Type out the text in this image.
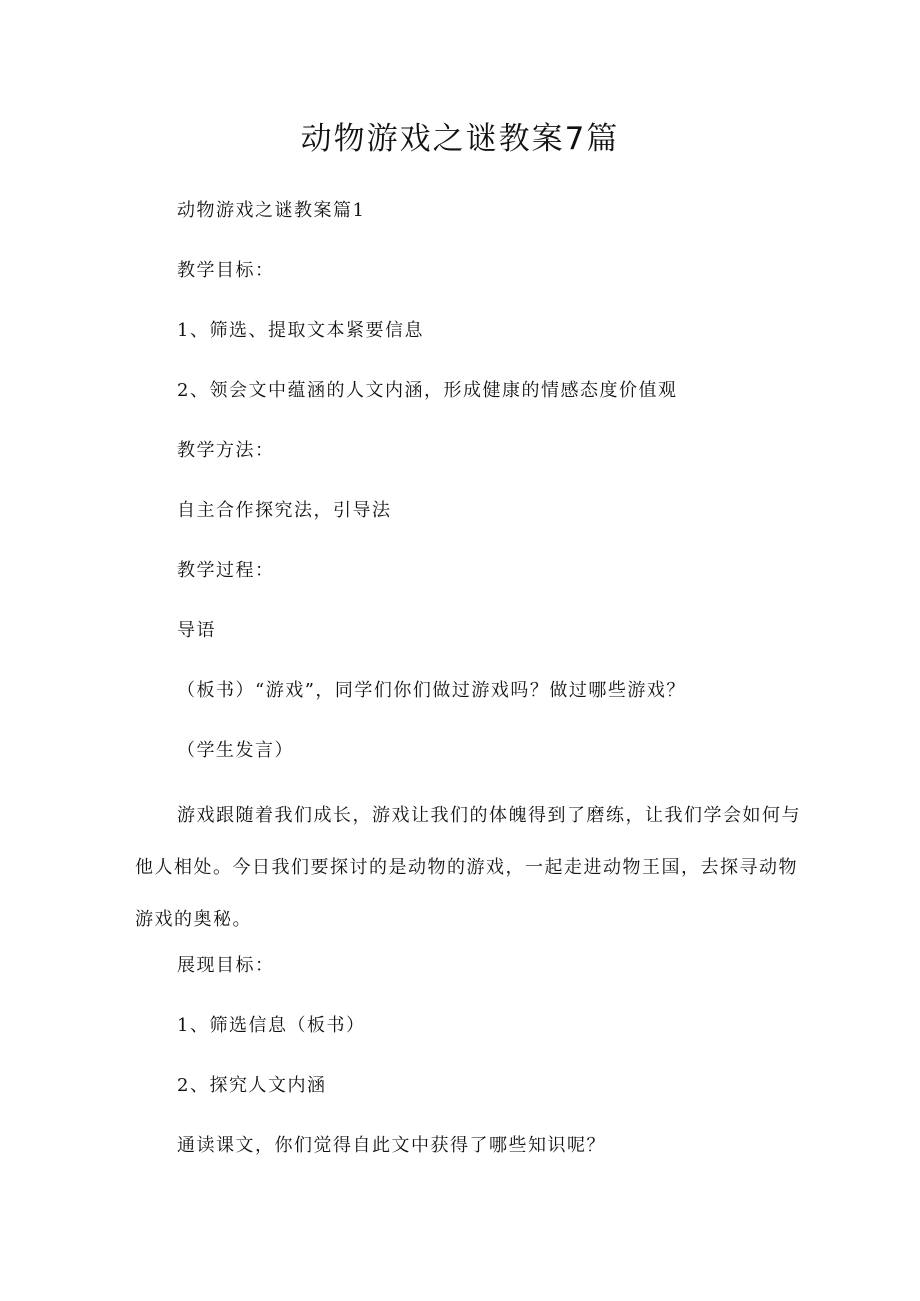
动物游戏之谜教案7篇

动物游戏之谜教案篇1

教学目标：

1、筛选、提取文本紧要信息

2、领会文中蕴涵的人文内涵，形成健康的情感态度价值观

教学方法：

自主合作探究法，引导法

教学过程：

导语

（板书）“游戏”，同学们你们做过游戏吗？做过哪些游戏？

（学生发言）

游戏跟随着我们成长，游戏让我们的体魄得到了磨练，让我们学会如何与他人相处。今日我们要探讨的是动物的游戏，一起走进动物王国，去探寻动物游戏的奥秘。

展现目标：

1、筛选信息（板书）

2、探究人文内涵

通读课文，你们觉得自此文中获得了哪些知识呢？
